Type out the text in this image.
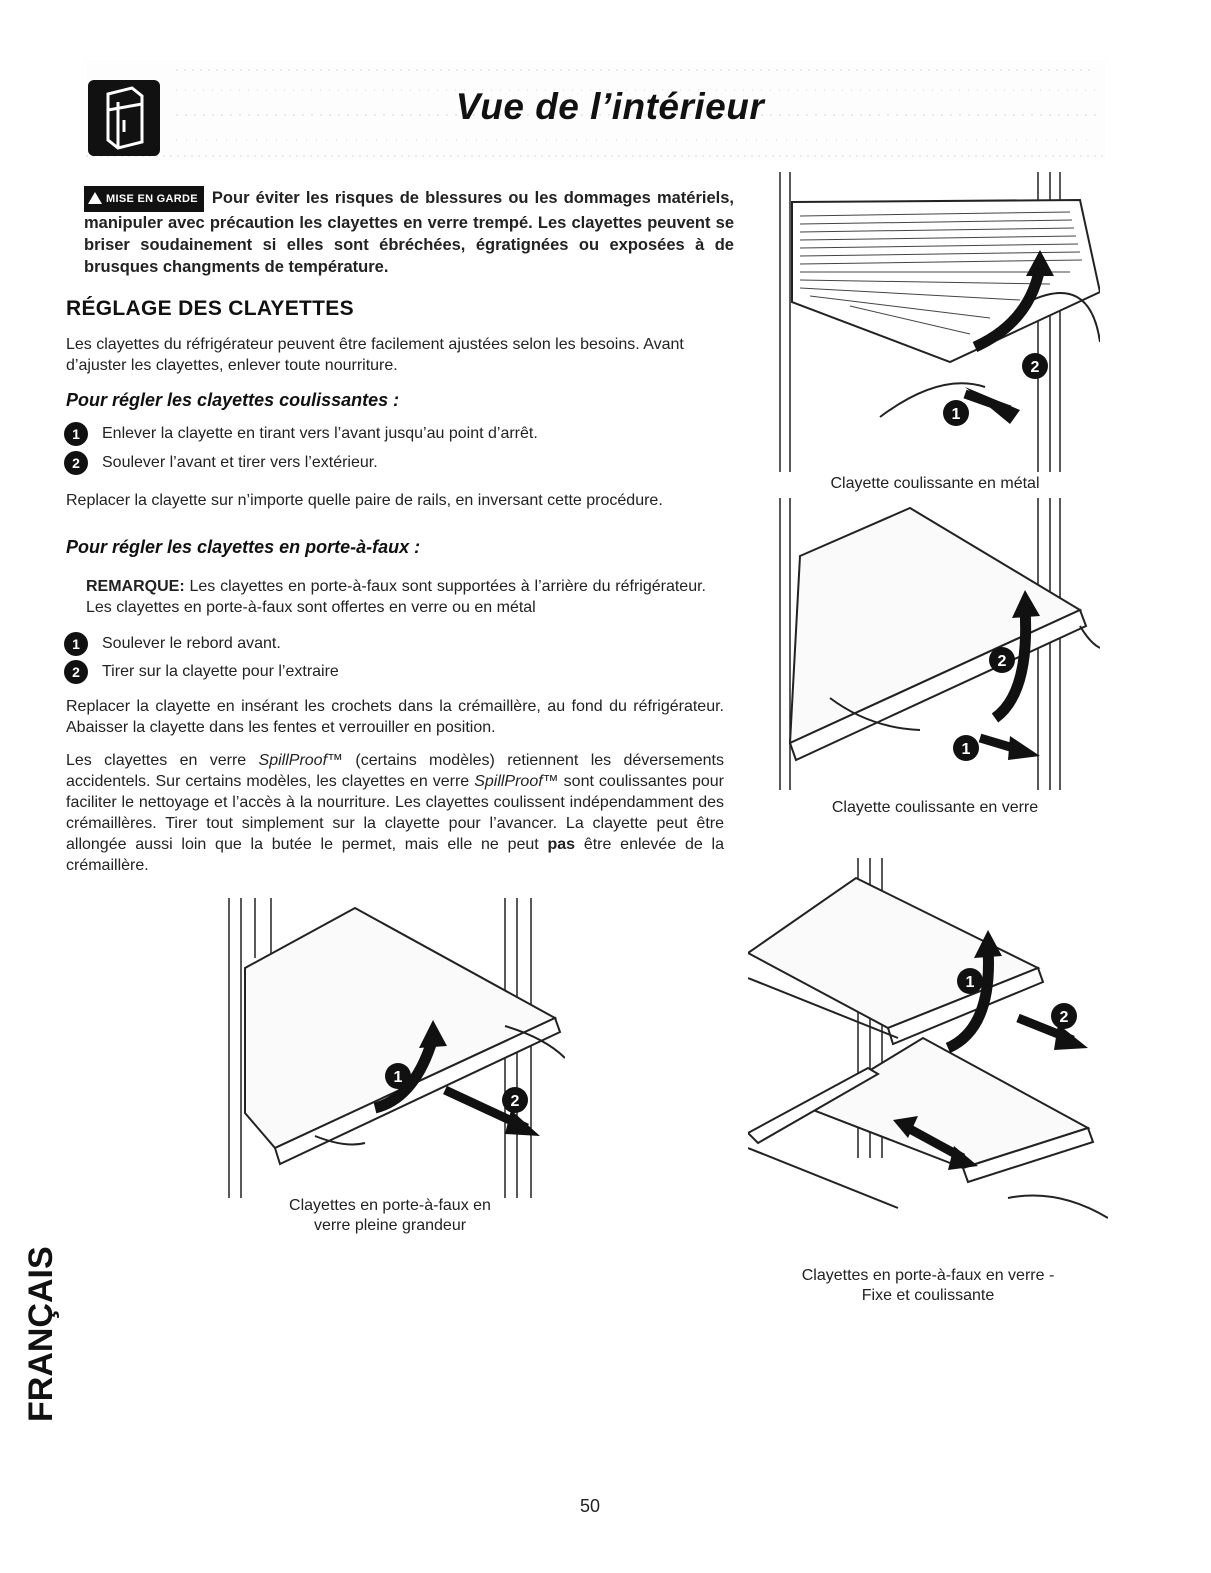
Vue de l’intérieur
MISE EN GARDE Pour éviter les risques de blessures ou les dommages matériels, manipuler avec précaution les clayettes en verre trempé. Les clayettes peuvent se briser soudainement si elles sont ébréchées, égratignées ou exposées à de brusques changments de température.
RÉGLAGE DES CLAYETTES
Les clayettes du réfrigérateur peuvent être facilement ajustées selon les besoins. Avant d’ajuster les clayettes, enlever toute nourriture.
Pour régler les clayettes coulissantes :
1 Enlever la clayette en tirant vers l’avant jusqu’au point d’arrêt.
2 Soulever l’avant et tirer vers l’extérieur.
Replacer la clayette sur n’importe quelle paire de rails, en inversant cette procédure.
Pour régler les clayettes en porte-à-faux :
REMARQUE: Les clayettes en porte-à-faux sont supportées à l’arrière du réfrigérateur. Les clayettes en porte-à-faux sont offertes en verre ou en métal
1 Soulever le rebord avant.
2 Tirer sur la clayette pour l’extraire
Replacer la clayette en insérant les crochets dans la crémaillère, au fond du réfrigérateur. Abaisser la clayette dans les fentes et verrouiller en position.
Les clayettes en verre SpillProof™ (certains modèles) retiennent les déversements accidentels. Sur certains modèles, les clayettes en verre SpillProof™ sont coulissantes pour faciliter le nettoyage et l’accès à la nourriture. Les clayettes coulissent indépendamment des crémaillères. Tirer tout simplement sur la clayette pour l’avancer. La clayette peut être allongée aussi loin que la butée le permet, mais elle ne peut pas être enlevée de la crémaillère.
1
2
Clayette coulissante en métal
1
2
Clayette coulissante en verre
1
2
Clayettes en porte-à-faux en
verre pleine grandeur
1
2
Clayettes en porte-à-faux en verre -
Fixe et coulissante
FRANÇAIS
50
